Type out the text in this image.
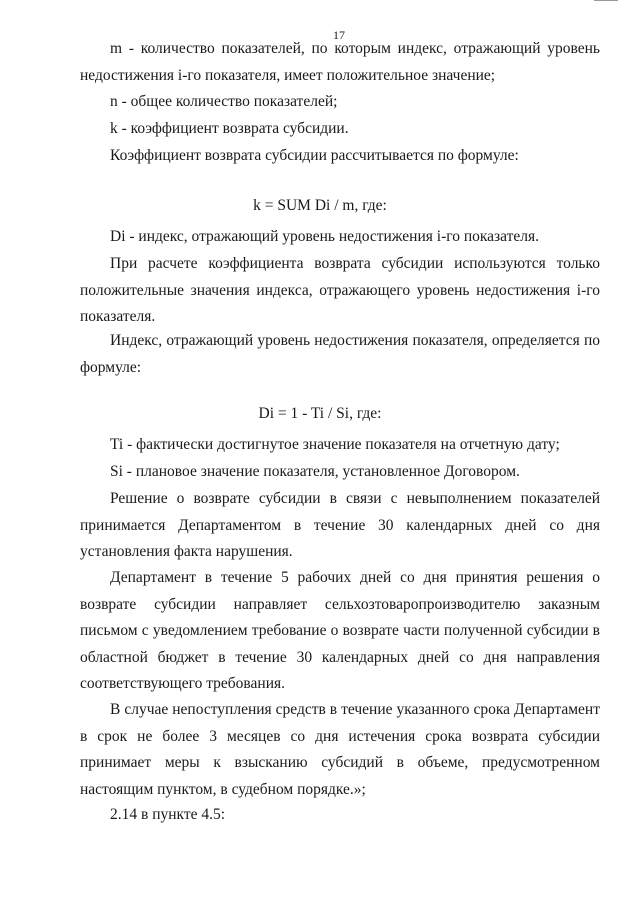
17

m - количество показателей, по которым индекс, отражающий уровень недостижения i-го показателя, имеет положительное значение;

n - общее количество показателей;

k - коэффициент возврата субсидии.

Коэффициент возврата субсидии рассчитывается по формуле:

k = SUM Di / m, где:

Di - индекс, отражающий уровень недостижения i-го показателя.

При расчете коэффициента возврата субсидии используются только положительные значения индекса, отражающего уровень недостижения i-го показателя.

Индекс, отражающий уровень недостижения показателя, определяется по формуле:

Di = 1 - Ti / Si, где:

Ti - фактически достигнутое значение показателя на отчетную дату;

Si - плановое значение показателя, установленное Договором.

Решение о возврате субсидии в связи с невыполнением показателей принимается Департаментом в течение 30 календарных дней со дня установления факта нарушения.

Департамент в течение 5 рабочих дней со дня принятия решения о возврате субсидии направляет сельхозтоваропроизводителю заказным письмом с уведомлением требование о возврате части полученной субсидии в областной бюджет в течение 30 календарных дней со дня направления соответствующего требования.

В случае непоступления средств в течение указанного срока Департамент в срок не более 3 месяцев со дня истечения срока возврата субсидии принимает меры к взысканию субсидий в объеме, предусмотренном настоящим пунктом, в судебном порядке.»;

2.14 в пункте 4.5:
